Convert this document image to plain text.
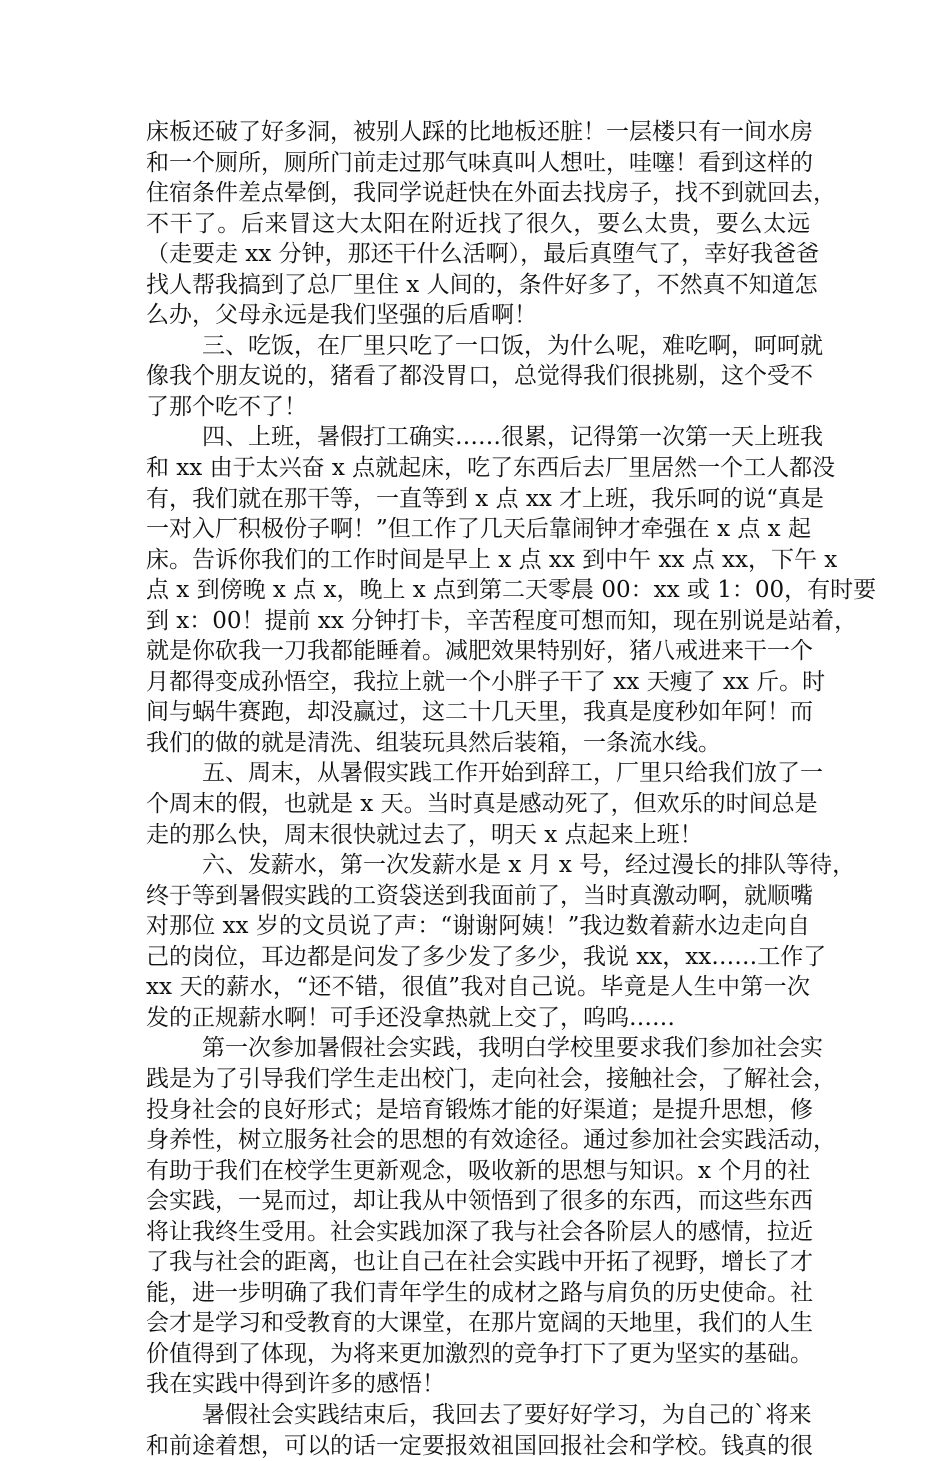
床板还破了好多洞，被别人踩的比地板还脏！一层楼只有一间水房
和一个厕所，厕所门前走过那气味真叫人想吐，哇噻！看到这样的
住宿条件差点晕倒，我同学说赶快在外面去找房子，找不到就回去，
不干了。后来冒这大太阳在附近找了很久，要么太贵，要么太远
（走要走 xx 分钟，那还干什么活啊），最后真堕气了，幸好我爸爸
找人帮我搞到了总厂里住 x 人间的，条件好多了，不然真不知道怎
么办，父母永远是我们坚强的后盾啊！
三、吃饭，在厂里只吃了一口饭，为什么呢，难吃啊，呵呵就
像我个朋友说的，猪看了都没胃口，总觉得我们很挑剔，这个受不
了那个吃不了！
四、上班，暑假打工确实……很累，记得第一次第一天上班我
和 xx 由于太兴奋 x 点就起床，吃了东西后去厂里居然一个工人都没
有，我们就在那干等，一直等到 x 点 xx 才上班，我乐呵的说“真是
一对入厂积极份子啊！”但工作了几天后靠闹钟才牵强在 x 点 x 起
床。告诉你我们的工作时间是早上 x 点 xx 到中午 xx 点 xx，下午 x
点 x 到傍晚 x 点 x，晚上 x 点到第二天零晨 00：xx 或 1：00，有时要
到 x：00！提前 xx 分钟打卡，辛苦程度可想而知，现在别说是站着，
就是你砍我一刀我都能睡着。减肥效果特别好，猪八戒进来干一个
月都得变成孙悟空，我拉上就一个小胖子干了 xx 天瘦了 xx 斤。时
间与蜗牛赛跑，却没赢过，这二十几天里，我真是度秒如年阿！而
我们的做的就是清洗、组装玩具然后装箱，一条流水线。
五、周末，从暑假实践工作开始到辞工，厂里只给我们放了一
个周末的假，也就是 x 天。当时真是感动死了，但欢乐的时间总是
走的那么快，周末很快就过去了，明天 x 点起来上班！
六、发薪水，第一次发薪水是 x 月 x 号，经过漫长的排队等待，
终于等到暑假实践的工资袋送到我面前了，当时真激动啊，就顺嘴
对那位 xx 岁的文员说了声：“谢谢阿姨！”我边数着薪水边走向自
己的岗位，耳边都是问发了多少发了多少，我说 xx，xx……工作了
xx 天的薪水，“还不错，很值”我对自己说。毕竟是人生中第一次
发的正规薪水啊！可手还没拿热就上交了，呜呜……
第一次参加暑假社会实践，我明白学校里要求我们参加社会实
践是为了引导我们学生走出校门，走向社会，接触社会，了解社会，
投身社会的良好形式；是培育锻炼才能的好渠道；是提升思想，修
身养性，树立服务社会的思想的有效途径。通过参加社会实践活动，
有助于我们在校学生更新观念，吸收新的思想与知识。x 个月的社
会实践，一晃而过，却让我从中领悟到了很多的东西，而这些东西
将让我终生受用。社会实践加深了我与社会各阶层人的感情，拉近
了我与社会的距离，也让自己在社会实践中开拓了视野，增长了才
能，进一步明确了我们青年学生的成材之路与肩负的历史使命。社
会才是学习和受教育的大课堂，在那片宽阔的天地里，我们的人生
价值得到了体现，为将来更加激烈的竞争打下了更为坚实的基础。
我在实践中得到许多的感悟！
暑假社会实践结束后，我回去了要好好学习，为自己的`将来
和前途着想，可以的话一定要报效祖国回报社会和学校。钱真的很
